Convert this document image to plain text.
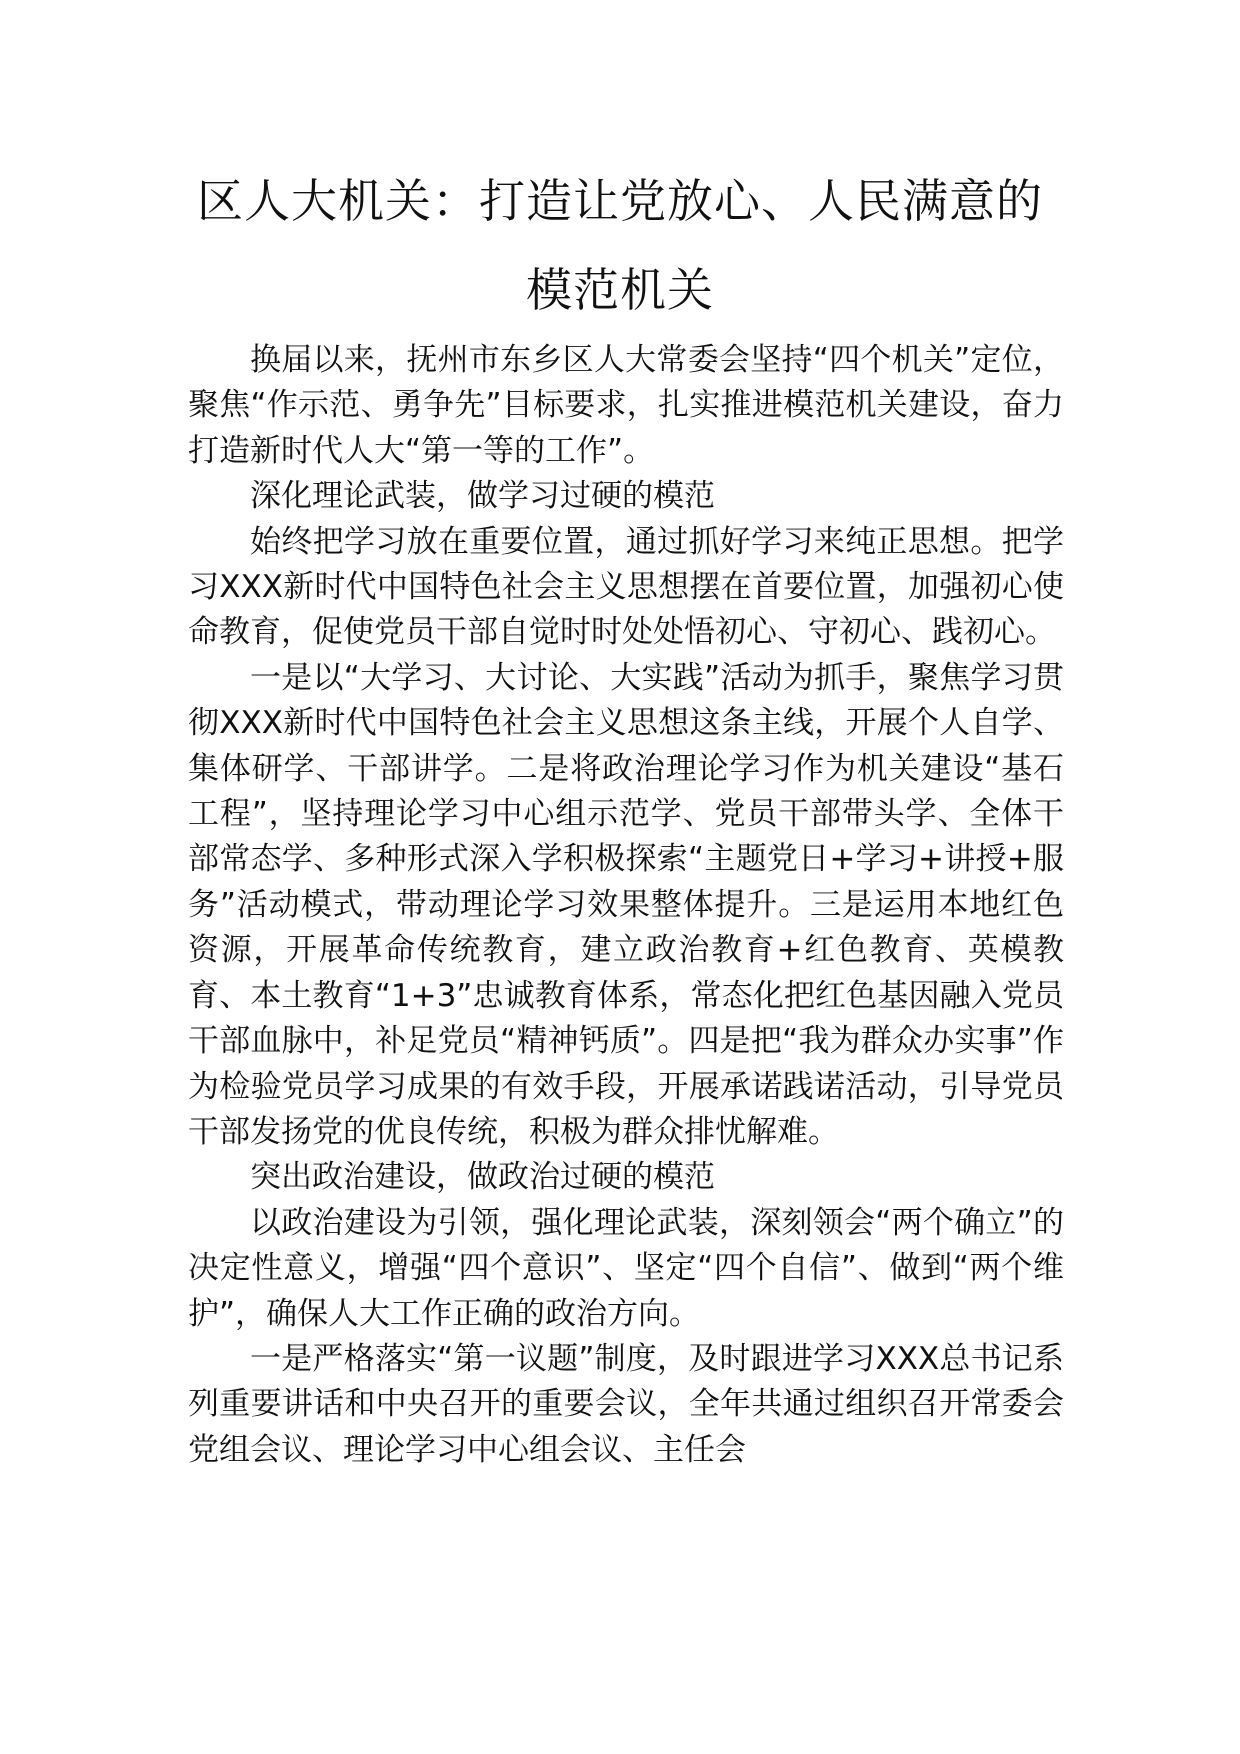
区人大机关：打造让党放心、人民满意的
模范机关

换届以来，抚州市东乡区人大常委会坚持“四个机关”定位，聚焦“作示范、勇争先”目标要求，扎实推进模范机关建设，奋力打造新时代人大“第一等的工作”。

深化理论武装，做学习过硬的模范

始终把学习放在重要位置，通过抓好学习来纯正思想。把学习XXX新时代中国特色社会主义思想摆在首要位置，加强初心使命教育，促使党员干部自觉时时处处悟初心、守初心、践初心。

一是以“大学习、大讨论、大实践”活动为抓手，聚焦学习贯彻XXX新时代中国特色社会主义思想这条主线，开展个人自学、集体研学、干部讲学。二是将政治理论学习作为机关建设“基石工程”，坚持理论学习中心组示范学、党员干部带头学、全体干部常态学、多种形式深入学积极探索“主题党日+学习+讲授+服务”活动模式，带动理论学习效果整体提升。三是运用本地红色资源，开展革命传统教育，建立政治教育+红色教育、英模教育、本土教育“1+3”忠诚教育体系，常态化把红色基因融入党员干部血脉中，补足党员“精神钙质”。四是把“我为群众办实事”作为检验党员学习成果的有效手段，开展承诺践诺活动，引导党员干部发扬党的优良传统，积极为群众排忧解难。

突出政治建设，做政治过硬的模范

以政治建设为引领，强化理论武装，深刻领会“两个确立”的决定性意义，增强“四个意识”、坚定“四个自信”、做到“两个维护”，确保人大工作正确的政治方向。

一是严格落实“第一议题”制度，及时跟进学习XXX总书记系列重要讲话和中央召开的重要会议，全年共通过组织召开常委会党组会议、理论学习中心组会议、主任会
